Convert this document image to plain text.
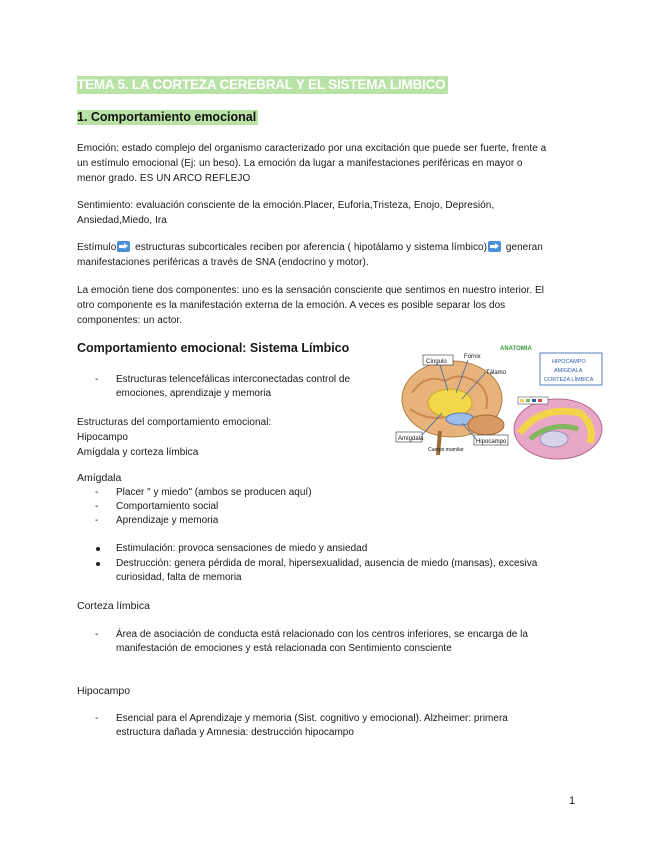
TEMA 5. LA CORTEZA CEREBRAL Y EL SISTEMA LIMBICO
1. Comportamiento emocional

Emoción: estado complejo del organismo caracterizado por una excitación que puede ser fuerte, frente a
un estímulo emocional (Ej: un beso). La emoción da lugar a manifestaciones periféricas en mayor o
menor grado. ES UN ARCO REFLEJO

Sentimiento: evaluación consciente de la emoción.Placer, Euforia,Tristeza, Enojo, Depresión,
Ansiedad,Miedo, Ira

Estímulo estructuras subcorticales reciben por aferencia ( hipotálamo y sistema límbico) generan
manifestaciones periféricas a través de SNA (endocrino y motor).

La emoción tiene dos componentes: uno es la sensación consciente que sentimos en nuestro interior. El
otro componente es la manifestación externa de la emoción. A veces es posible separar los dos
componentes: un actor.

Comportamiento emocional: Sistema Límbico
- Estructuras telencefálicas interconectadas control de
emociones, aprendizaje y memoria

Estructuras del comportamiento emocional:
Hipocampo
Amígdala y corteza límbica

Cíngulo
Fórnix
Tálamo
Amígdala	Hipocampo
Cuerpo mamilar
ANATOMIA
HIPOCAMPO
AMIGDALA
CORTEZA LÍMBICA
Amígdala
- Placer " y miedo" (ambos se producen aquí)
- Comportamiento social
- Aprendizaje y memoria
Estimulación: provoca sensaciones de miedo y ansiedad
Destrucción: genera pérdida de moral, hipersexualidad, ausencia de miedo (mansas), excesiva
curiosidad, falta de memoria
Corteza límbica
- Área de asociación de conducta está relacionado con los centros inferiores, se encarga de la
manifestación de emociones y está relacionada con Sentimiento consciente
Hipocampo
- Esencial para el Aprendizaje y memoria (Sist. cognitivo y emocional). Alzheimer: primera
estructura dañada y Amnesia: destrucción hipocampo
1
